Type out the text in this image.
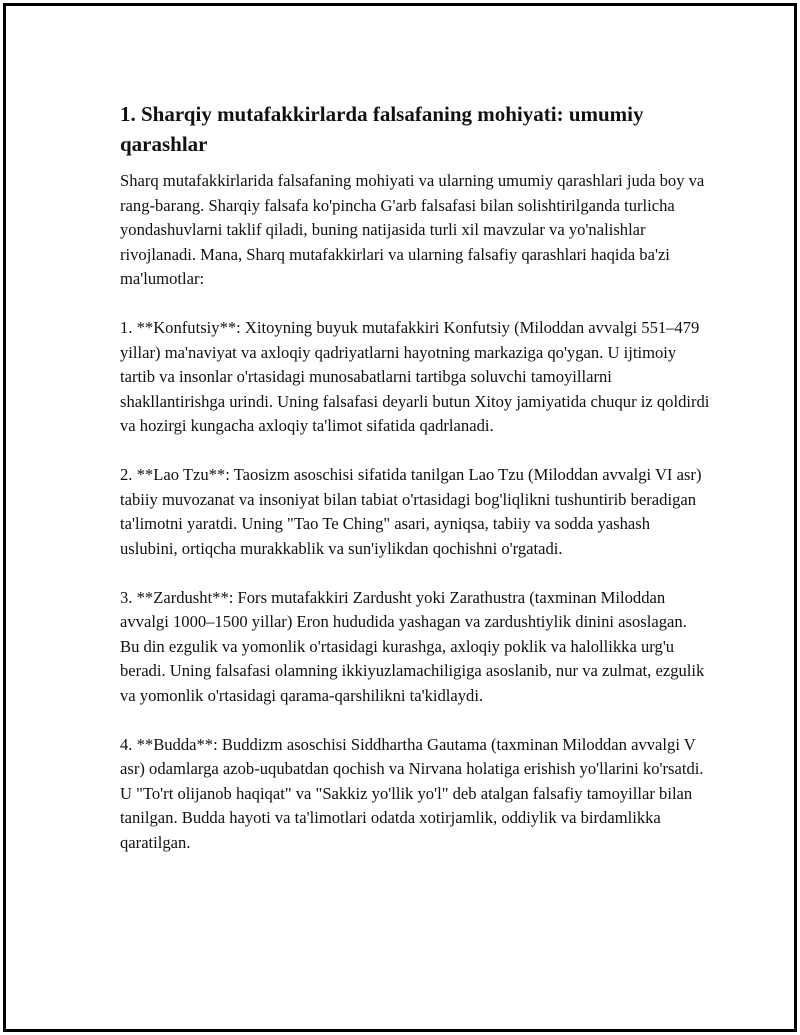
1. Sharqiy mutafakkirlarda falsafaning mohiyati: umumiy qarashlar

Sharq mutafakkirlarida falsafaning mohiyati va ularning umumiy qarashlari juda boy va rang-barang. Sharqiy falsafa ko'pincha G'arb falsafasi bilan solishtirilganda turlicha yondashuvlarni taklif qiladi, buning natijasida turli xil mavzular va yo'nalishlar rivojlanadi. Mana, Sharq mutafakkirlari va ularning falsafiy qarashlari haqida ba'zi ma'lumotlar:

1. **Konfutsiy**: Xitoyning buyuk mutafakkiri Konfutsiy (Miloddan avvalgi 551–479 yillar) ma'naviyat va axloqiy qadriyatlarni hayotning markaziga qo'ygan. U ijtimoiy tartib va insonlar o'rtasidagi munosabatlarni tartibga soluvchi tamoyillarni shakllantirishga urindi. Uning falsafasi deyarli butun Xitoy jamiyatida chuqur iz qoldirdi va hozirgi kungacha axloqiy ta'limot sifatida qadrlanadi.

2. **Lao Tzu**: Taosizm asoschisi sifatida tanilgan Lao Tzu (Miloddan avvalgi VI asr) tabiiy muvozanat va insoniyat bilan tabiat o'rtasidagi bog'liqlikni tushuntirib beradigan ta'limotni yaratdi. Uning "Tao Te Ching" asari, ayniqsa, tabiiy va sodda yashash uslubini, ortiqcha murakkablik va sun'iylikdan qochishni o'rgatadi.

3. **Zardusht**: Fors mutafakkiri Zardusht yoki Zarathustra (taxminan Miloddan avvalgi 1000–1500 yillar) Eron hududida yashagan va zardushtiylik dinini asoslagan. Bu din ezgulik va yomonlik o'rtasidagi kurashga, axloqiy poklik va halollikka urg'u beradi. Uning falsafasi olamning ikkiyuzlamachiligiga asoslanib, nur va zulmat, ezgulik va yomonlik o'rtasidagi qarama-qarshilikni ta'kidlaydi.

4. **Budda**: Buddizm asoschisi Siddhartha Gautama (taxminan Miloddan avvalgi V asr) odamlarga azob-uqubatdan qochish va Nirvana holatiga erishish yo'llarini ko'rsatdi. U "To'rt olijanob haqiqat" va "Sakkiz yo'llik yo'l" deb atalgan falsafiy tamoyillar bilan tanilgan. Budda hayoti va ta'limotlari odatda xotirjamlik, oddiylik va birdamlikka qaratilgan.
